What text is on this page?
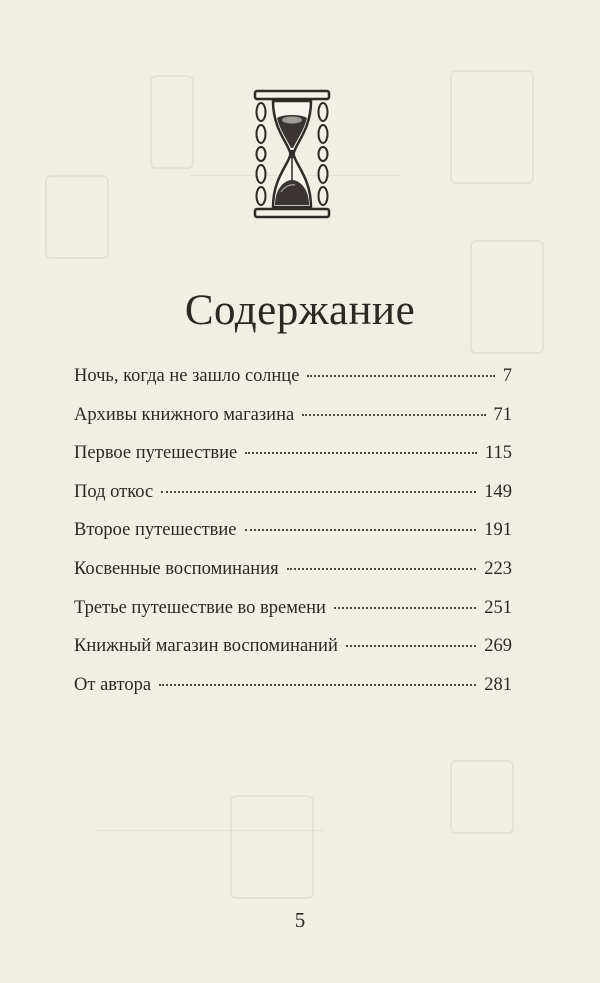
Содержание
Ночь, когда не зашло солнце	7
Архивы книжного магазина	71
Первое путешествие	115
Под откос	149
Второе путешествие	191
Косвенные воспоминания	223
Третье путешествие во времени	251
Книжный магазин воспоминаний	269
От автора	281
5
